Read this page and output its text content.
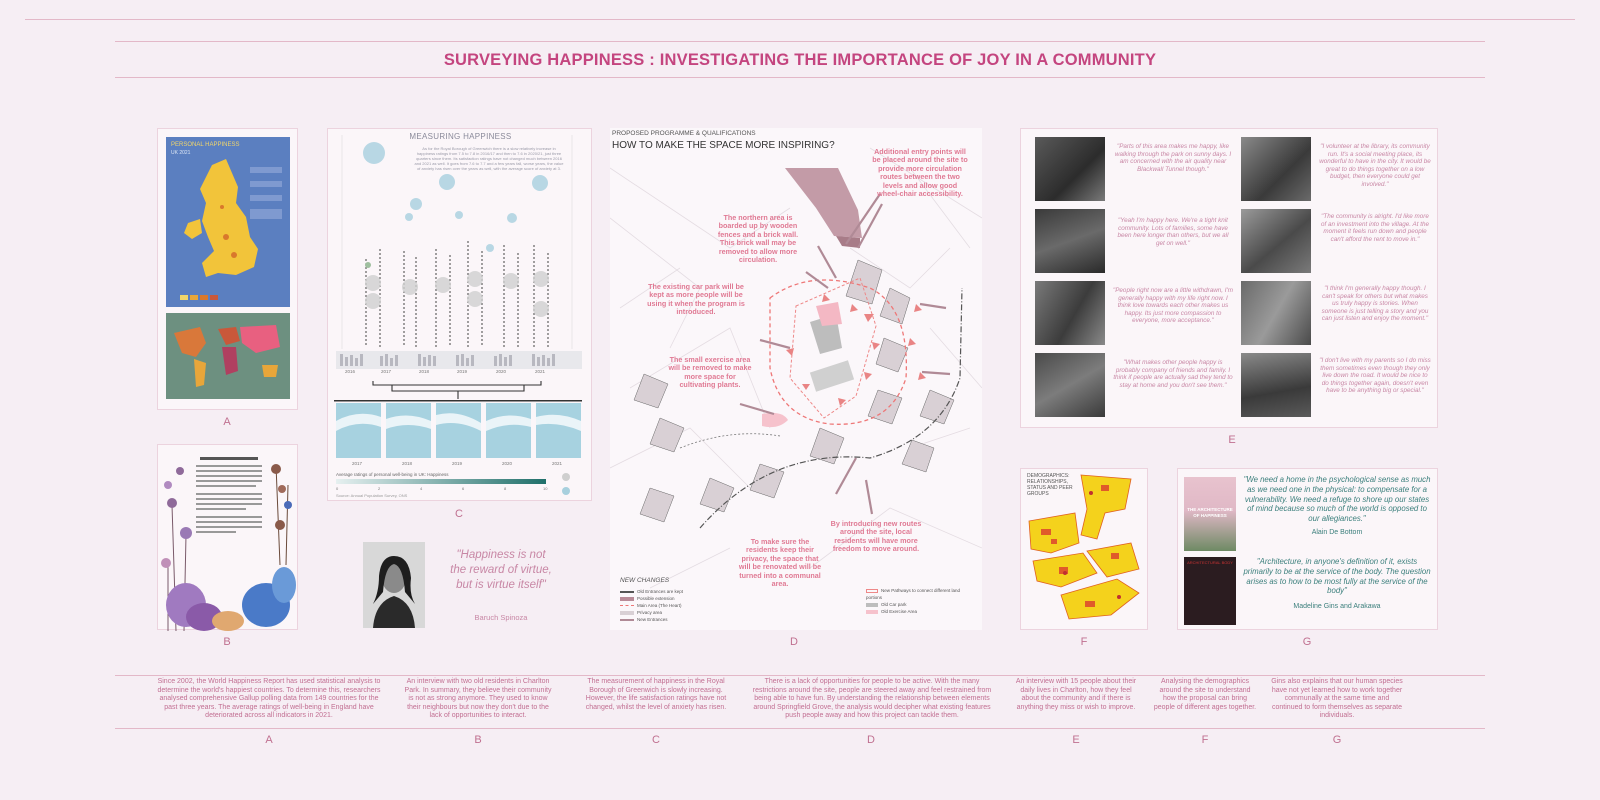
SURVEYING HAPPINESS : INVESTIGATING THE IMPORTANCE OF JOY IN A COMMUNITY
PERSONAL HAPPINESS
UK 2021
A
B
MEASURING HAPPINESS
As for the Royal Borough of Greenwich there is a slow relatively increase in happiness ratings from 7.5 to 7.8 in 2016/17 and then to 7.6 in 2020/21, just three quarters since them. Its satisfaction ratings have not changed much between 2016 and 2021 as well. It goes from 7.6 to 7.7 and a few years fall, worse years, the value of anxiety has risen over the years as well, with the average score of anxiety at 3.
2016	2017	2018	2019	2020	2021
2017	2018	2019	2020	2021
Average ratings of personal well-being in UK: Happiness
0	2	4	6	8	10
Source: Annual Population Survey, ONS
C
"Happiness is not the reward of virtue, but is virtue itself"
Baruch Spinoza
PROPOSED PROGRAMME & QUALIFICATIONS
HOW TO MAKE THE SPACE MORE INSPIRING?
Additional entry points will be placed around the site to provide more circulation routes between the two levels and allow good wheel-chair accessibility.
The northern area is boarded up by wooden fences and a brick wall. This brick wall may be removed to allow more circulation.
The existing car park will be kept as more people will be using it when the program is introduced.
The small exercise area will be removed to make more space for cultivating plants.
To make sure the residents keep their privacy, the space that will be renovated will be turned into a communal area.
By introducing new routes around the site, local residents will have more freedom to move around.
NEW CHANGES
Old Entrances are kept
Possible extension
Main Area (The Heart)
Privacy area
New Entrances
New Pathways to connect different land portions
Old Car park
Old Exercise Area
D
"Parts of this area makes me happy, like walking through the park on sunny days. I am concerned with the air quality near Blackwall Tunnel though."
"I volunteer at the library, its community run. It's a social meeting place, its wonderful to have in the city. It would be great to do things together on a low budget, then everyone could get involved."
"Yeah I'm happy here. We're a tight knit community. Lots of families, some have been here longer than others, but we all get on well."
"The community is alright. I'd like more of an investment into the village. At the moment it feels run down and people can't afford the rent to move in."
"People right now are a little withdrawn, I'm generally happy with my life right now. I think love towards each other makes us happy. Its just more compassion to everyone, more acceptance."
"I think I'm generally happy though. I can't speak for others but what makes us truly happy is stories. When someone is just telling a story and you can just listen and enjoy the moment."
"What makes other people happy is probably company of friends and family. I think if people are actually sad they tend to stay at home and you don't see them."
"I don't live with my parents so I do miss them sometimes even though they only live down the road. It would be nice to do things together again, doesn't even have to be anything big or special."
E
DEMOGRAPHICS: RELATIONSHIPS, STATUS AND PEER GROUPS
F
THE ARCHITECTURE OF HAPPINESS
ARCHITECTURAL BODY
"We need a home in the psychological sense as much as we need one in the physical: to compensate for a vulnerability. We need a refuge to shore up our states of mind because so much of the world is opposed to our allegiances."
Alain De Bottom
"Architecture, in anyone's definition of it, exists primarily to be at the service of the body. The question arises as to how to be most fully at the service of the body"
Madeline Gins and Arakawa
G
Since 2002, the World Happiness Report has used statistical analysis to determine the world's happiest countries. To determine this, researchers analysed comprehensive Gallup polling data from 149 countries for the past three years. The average ratings of well-being in England have deteriorated across all indicators in 2021.
A
An interview with two old residents in Charlton Park. In summary, they believe their community is not as strong anymore. They used to know their neighbours but now they don't due to the lack of opportunities to interact.
B
The measurement of happiness in the Royal Borough of Greenwich is slowly increasing. However, the life satisfaction ratings have not changed, whilst the level of anxiety has risen.
C
There is a lack of opportunities for people to be active. With the many restrictions around the site, people are steered away and feel restrained from being able to have fun. By understanding the relationship between elements around Springfield Grove, the analysis would decipher what existing features push people away and how this project can tackle them.
D
An interview with 15 people about their daily lives in Charlton, how they feel about the community and if there is anything they miss or wish to improve.
E
Analysing the demographics around the site to understand how the proposal can bring people of different ages together.
F
Gins also explains that our human species have not yet learned how to work together communally at the same time and continued to form themselves as separate individuals.
G
